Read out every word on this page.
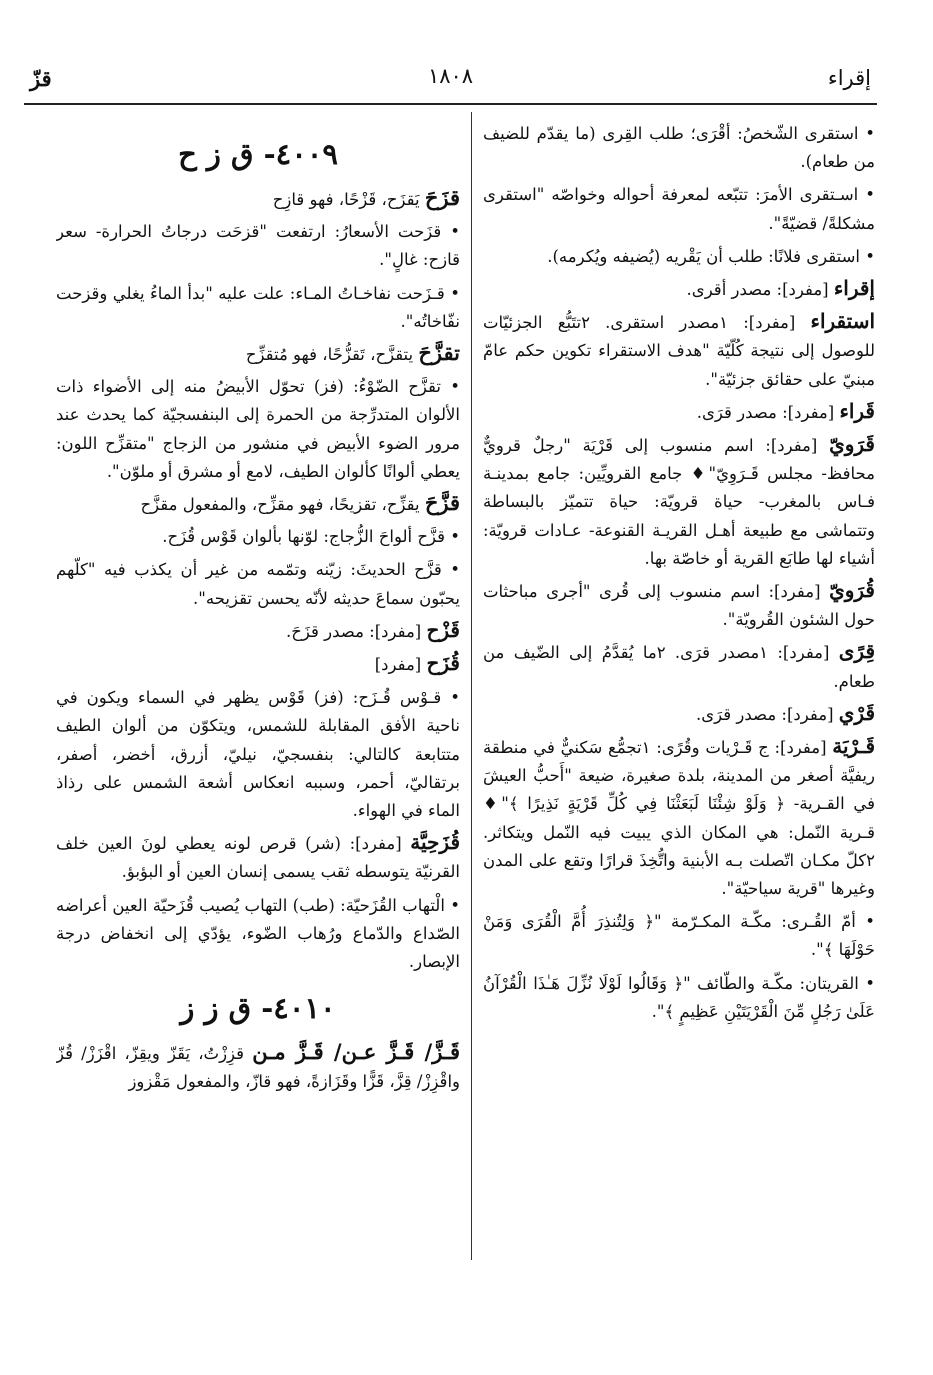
إقراء
١٨٠٨
قزّ

• استقرى الشّخصُ: أقْرَى؛ طلب القِرى (ما يقدّم للضيف من طعام).

• اسـتقرى الأمرَ: تتبّعه لمعرفة أحواله وخواصّه "استقرى مشكلةً/ قضيّةً".

• استقرى فلانًا: طلب أن يَقْريه (يُضيفه ويُكرمه).

إقراء [مفرد]: مصدر أقرى.

استقراء [مفرد]: ١مصدر استقرى. ٢تتَبُّع الجزئيّات للوصول إلى نتيجة كُلّيّة "هدف الاستقراء تكوين حكم عامّ مبنيّ على حقائق جزئيّة".

قَراء [مفرد]: مصدر قرَى.

قَرَويّ [مفرد]: اسم منسوب إلى قَرْيَة "رجلٌ قرويٌّ محافظ- مجلس قَـرَوِيّ"♦ جامع القرويِّين: جامع بمدينـة فـاس بالمغرب- حياة قرويّة: حياة تتميّز بالبساطة وتتماشى مع طبيعة أهـل القريـة القنوعة- عـادات قرويّة: أشياء لها طابَع القرية أو خاصّة بها.

قُرَويّ [مفرد]: اسم منسوب إلى قُرى "أجرى مباحثات حول الشئون القُرويّة".

قِرًى [مفرد]: ١مصدر قرَى. ٢ما يُقدَّمُ إلى الضّيف من طعام.

قَرْي [مفرد]: مصدر قرَى.

قَـرْيَة [مفرد]: ج قَـرْيات وقُرًى: ١تجمُّع سَكنيٌّ في منطقة ريفيَّة أصغر من المدينة، بلدة صغيرة، ضيعة "أَحبُّ العيشَ في القـرية- ﴿ وَلَوْ شِئْنَا لَبَعَثْنَا فِي كُلِّ قَرْيَةٍ نَذِيرًا ﴾"♦ قـرية النّمل: هي المكان الذي يبيت فيه النّمل ويتكاثر. ٢كلّ مكـان اتّصلت بـه الأبنية واتُّخِذَ قرارًا وتقع على المدن وغيرها "قرية سياحيّة".

• أمّ القُـرى: مكّـة المكـرّمة "﴿ وَلِتُنذِرَ أُمَّ الْقُرَى وَمَنْ حَوْلَهَا ﴾".

• القريتان: مكّـة والطّائف "﴿ وَقَالُوا لَوْلَا نُزِّلَ هَـٰذَا الْقُرْآنُ عَلَىٰ رَجُلٍ مِّنَ الْقَرْيَتَيْنِ عَظِيمٍ ﴾".

٤٠٠٩- ق ز ح

قزَحَ يَقزَح، قَزْحًا، فهو قازِح

• قزَحت الأسعارُ: ارتفعت "قزحَت درجاتُ الحرارة- سعر قازح: غالٍ".

• قـزَحت نفاخـاتُ المـاء: علت عليه "بدأ الماءُ يغلي وقزحت نفّاخاتُه".

تقزَّحَ يتقزَّح، تَقزُّحًا، فهو مُتقزِّح

• تقزَّح الضّوْءُ: (فز) تحوّل الأبيضُ منه إلى الأضواء ذات الألوان المتدرِّجة من الحمرة إلى البنفسجيّة كما يحدث عند مرور الضوء الأبيض في منشور من الزجاج "متقزِّح اللون: يعطي ألوانًا كألوان الطيف، لامع أو مشرق أو ملوّن".

قزَّحَ يقزِّح، تقزيحًا، فهو مقزِّح، والمفعول مقزَّح

• قزَّح ألواحَ الزُّجاج: لوّنها بألوان قَوْس قُزَح.

• قزَّح الحديثَ: زيّنه وتمّمه من غير أن يكذب فيه "كلّهم يحبّون سماعَ حديثه لأنّه يحسن تقزيحه".

قَزْح [مفرد]: مصدر قزَحَ.

قُزَح [مفرد]

• قـوْس قُـزَح: (فز) قَوْس يظهر في السماء ويكون في ناحية الأفق المقابلة للشمس، ويتكوّن من ألوان الطيف متتابعة كالتالي: بنفسجيّ، نيليّ، أزرق، أخضر، أصفر، برتقاليّ، أحمر، وسببه انعكاس أشعة الشمس على رذاذ الماء في الهواء.

قُزَحِيَّة [مفرد]: (شر) قرص لونه يعطي لونَ العين خلف القرنيّة يتوسطه ثقب يسمى إنسان العين أو البؤبؤ.

• الْتهاب القُزَحيّة: (طب) التهاب يُصيب قُزَحيّة العين أعراضه الصّداع والدّماع ورُهاب الضّوء، يؤدّي إلى انخفاض درجة الإبصار.

٤٠١٠- ق ز ز

قَـزَّ/ قَـزَّ عـن/ قَـزَّ مـن قزِزْتُ، يَقَزّ ويقِزّ، اقْزَزْ/ قُزّ واقْزِزْ/ قِزَّ، قَزًّا وقَزَازةً، فهو قازّ، والمفعول مَقْزوز
